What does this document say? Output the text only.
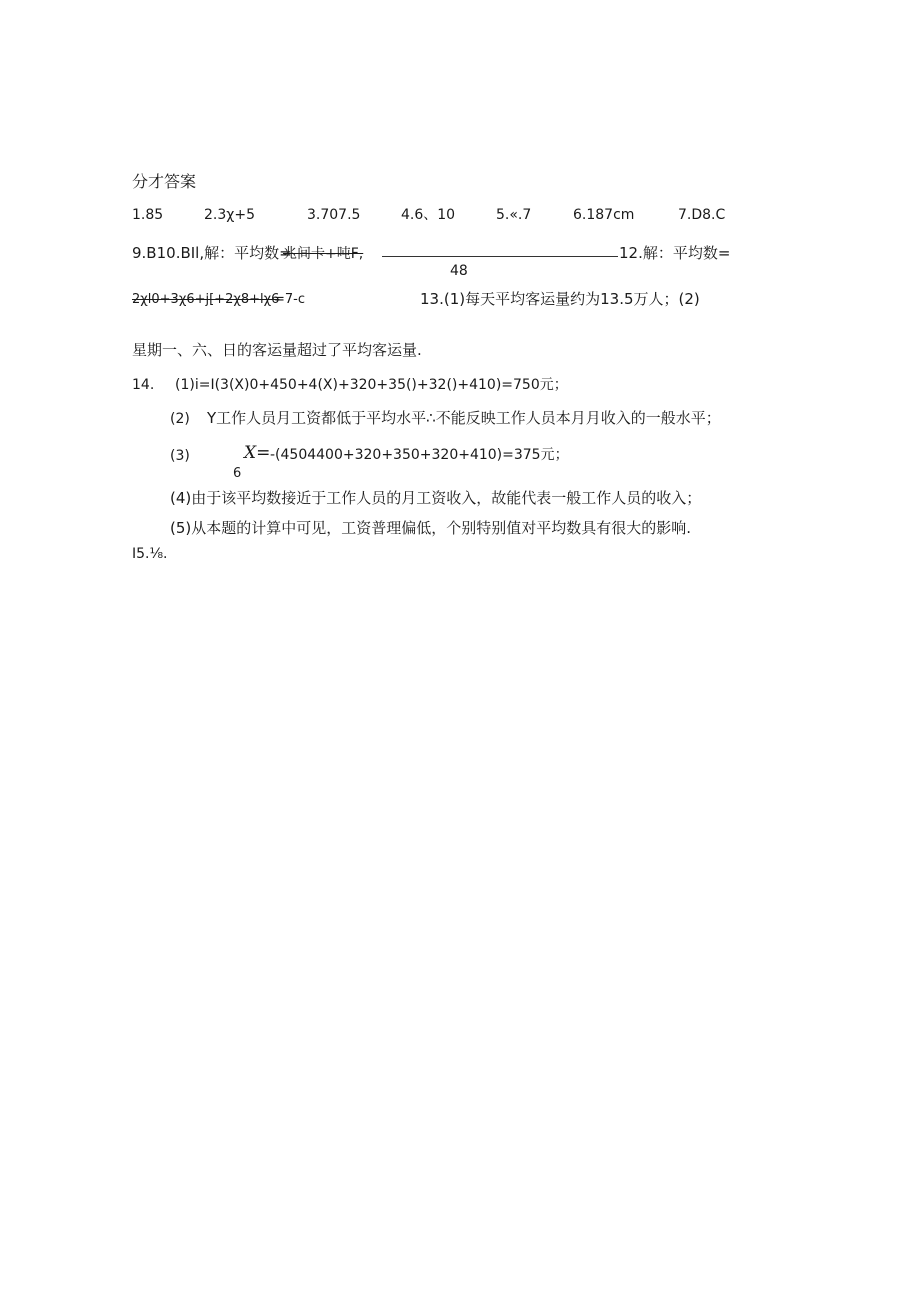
分才答案
1.85	2.3χ+5	3.707.5	4.6、10	5.«.7	6.187cm	7.D8.C
9.B10.BIl,解：平均数=
兆间卡+吨F,	12.解：平均数=
48
2χl0+3χ6+j[+2χ8+lχ6
=7-c	13.(1)每天平均客运量约为13.5万人；(2)
星期一、六、日的客运量超过了平均客运量.
14. (1)i=I(3(X)0+450+4(X)+320+35()+32()+410)=750元；
(2) Y工作人员月工资都低于平均水平∴不能反映工作人员本月月收入的一般水平；
(3)	X= -(4504400+320+350+320+410)=375元；
6
(4)由于该平均数接近于工作人员的月工资收入，故能代表一般工作人员的收入；
(5)从本题的计算中可见，工资普理偏低，个别特别值对平均数具有很大的影响.
I5.⅛.
